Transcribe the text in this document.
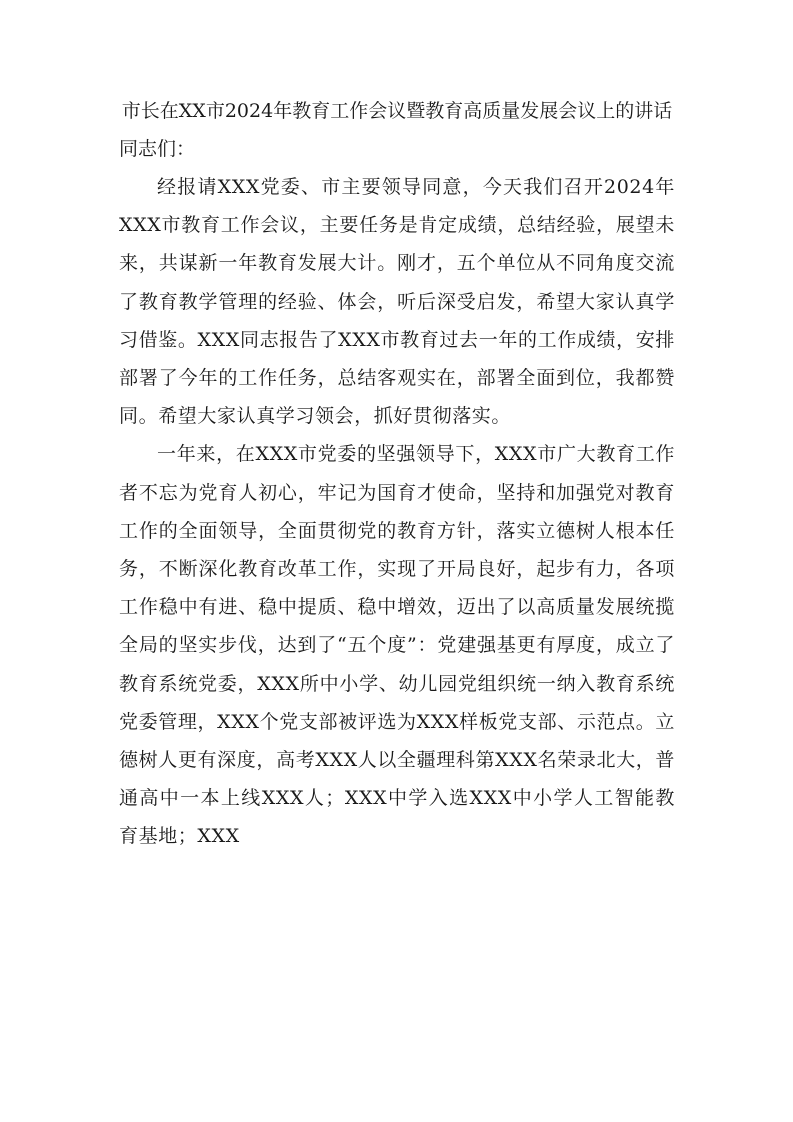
市长在XX市2024年教育工作会议暨教育高质量发展会议上的讲话

同志们：

经报请XXX党委、市主要领导同意，今天我们召开2024年XXX市教育工作会议，主要任务是肯定成绩，总结经验，展望未来，共谋新一年教育发展大计。刚才，五个单位从不同角度交流了教育教学管理的经验、体会，听后深受启发，希望大家认真学习借鉴。XXX同志报告了XXX市教育过去一年的工作成绩，安排部署了今年的工作任务，总结客观实在，部署全面到位，我都赞同。希望大家认真学习领会，抓好贯彻落实。

一年来，在XXX市党委的坚强领导下，XXX市广大教育工作者不忘为党育人初心，牢记为国育才使命，坚持和加强党对教育工作的全面领导，全面贯彻党的教育方针，落实立德树人根本任务，不断深化教育改革工作，实现了开局良好，起步有力，各项工作稳中有进、稳中提质、稳中增效，迈出了以高质量发展统揽全局的坚实步伐，达到了“五个度”：党建强基更有厚度，成立了教育系统党委，XXX所中小学、幼儿园党组织统一纳入教育系统党委管理，XXX个党支部被评选为XXX样板党支部、示范点。立德树人更有深度，高考XXX人以全疆理科第XXX名荣录北大，普通高中一本上线XXX人；XXX中学入选XXX中小学人工智能教育基地；XXX
